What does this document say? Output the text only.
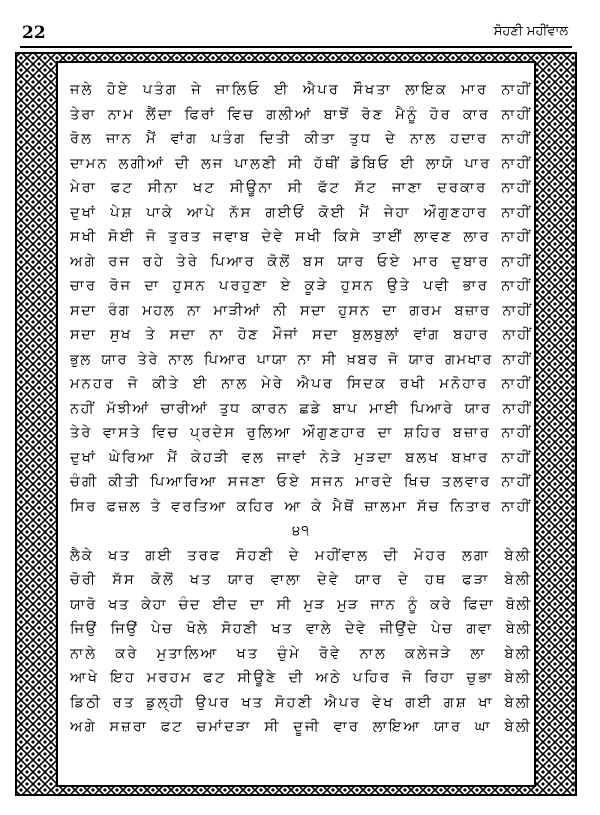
22	ਸੋਹਣੀ ਮਹੀਂਵਾਲ
ਜਲੇ ਹੋਏ ਪਤੰਗ ਜੇ ਜਾਲਿਓ ਈ ਐਪਰ ਸੌਖਤਾ ਲਾਇਕ ਮਾਰ ਨਾਹੀਂ
ਤੇਰਾ ਨਾਮ ਲੈਂਦਾ ਫਿਰਾਂ ਵਿਚ ਗਲੀਆਂ ਬਾਝੋਂ ਰੋਣ ਮੈਨੂੰ ਹੋਰ ਕਾਰ ਨਾਹੀਂ
ਰੋਲ ਜਾਨ ਮੈਂ ਵਾਂਗ ਪਤੰਗ ਦਿਤੀ ਕੀਤਾ ਤੁਧ ਦੇ ਨਾਲ ਹਦਾਰ ਨਾਹੀਂ
ਦਾਮਨ ਲਗੀਆਂ ਦੀ ਲਜ ਪਾਲਣੀ ਸੀ ਹੱਥੀਂ ਡੋਬਿਓ ਈ ਲਾਯੋ ਪਾਰ ਨਾਹੀਂ
ਮੇਰਾ ਫਟ ਸੀਨਾ ਖਟ ਸੀਊਨਾ ਸੀ ਫੱਟ ਸੱਟ ਜਾਣਾ ਦਰਕਾਰ ਨਾਹੀਂ
ਦੁਖਾਂ ਪੇਸ਼ ਪਾਕੇ ਆਪੇ ਨੱਸ ਗਈਓਂ ਕੋਈ ਮੈਂ ਜੇਹਾ ਔਗੁਣਹਾਰ ਨਾਹੀਂ
ਸਖੀ ਸੋਈ ਜੋ ਤੁਰਤ ਜਵਾਬ ਦੇਵੇ ਸਖੀ ਕਿਸੇ ਤਾਈਂ ਲਾਵਣ ਲਾਰ ਨਾਹੀਂ
ਅਗੇ ਰਜ ਰਹੇ ਤੇਰੇ ਪਿਆਰ ਕੋਲੋਂ ਬਸ ਯਾਰ ਓਏ ਮਾਰ ਦੁਬਾਰ ਨਾਹੀਂ
ਚਾਰ ਰੋਜ ਦਾ ਹੁਸਨ ਪਰਹੁਣਾ ਏ ਕੂੜੇ ਹੁਸਨ ਉਤੇ ਪਵੀ ਭਾਰ ਨਾਹੀਂ
ਸਦਾ ਰੰਗ ਮਹਲ ਨਾ ਮਾੜੀਆਂ ਨੀ ਸਦਾ ਹੁਸਨ ਦਾ ਗਰਮ ਬਜ਼ਾਰ ਨਾਹੀਂ
ਸਦਾ ਸੁਖ ਤੇ ਸਦਾ ਨਾ ਹੋਣ ਮੌਜਾਂ ਸਦਾ ਬੁਲਬੁਲਾਂ ਵਾਂਗ ਬਹਾਰ ਨਾਹੀਂ
ਭੁਲ ਯਾਰ ਤੇਰੇ ਨਾਲ ਪਿਆਰ ਪਾਯਾ ਨਾ ਸੀ ਖ਼ਬਰ ਜੋ ਯਾਰ ਗਮਖਾਰ ਨਾਹੀਂ
ਮਨਹਰ ਜੋ ਕੀਤੇ ਈ ਨਾਲ ਮੇਰੇ ਐਪਰ ਸਿਦਕ ਰਖੀ ਮਨੋਹਾਰ ਨਾਹੀਂ
ਨਹੀਂ ਮੱਝੀਆਂ ਚਾਰੀਆਂ ਤੁਧ ਕਾਰਨ ਛਡੇ ਬਾਪ ਮਾਈ ਪਿਆਰੇ ਯਾਰ ਨਾਹੀਂ
ਤੇਰੇ ਵਾਸਤੇ ਵਿਚ ਪ੍ਰਦੇਸ ਰੁਲਿਆ ਔਗੁਣਹਾਰ ਦਾ ਸ਼ਹਿਰ ਬਜ਼ਾਰ ਨਾਹੀਂ
ਦੁਖਾਂ ਘੇਰਿਆ ਮੈਂ ਕੇਹੜੀ ਵਲ ਜਾਵਾਂ ਨੇੜੇ ਮੁੜਦਾ ਬਲਖ ਬਖ਼ਾਰ ਨਾਹੀਂ
ਚੰਗੀ ਕੀਤੀ ਪਿਆਰਿਆ ਸਜਣਾ ਓਏ ਸਜਨ ਮਾਰਦੇ ਖਿਚ ਤਲਵਾਰ ਨਾਹੀਂ
ਸਿਰ ਫਜ਼ਲ ਤੇ ਵਰਤਿਆ ਕਹਿਰ ਆ ਕੇ ਮੈਥੋਂ ਜ਼ਾਲਮਾ ਸੱਚ ਨਿਤਾਰ ਨਾਹੀਂ
੪੧
ਲੈਕੇ ਖਤ ਗਈ ਤਰਫ ਸੋਹਣੀ ਦੇ ਮਹੀਂਵਾਲ ਦੀ ਮੋਹਰ ਲਗਾ ਬੇਲੀ
ਚੋਰੀ ਸੱਸ ਕੋਲੋਂ ਖਤ ਯਾਰ ਵਾਲਾ ਦੇਵੇ ਯਾਰ ਦੇ ਹਥ ਫੜਾ ਬੇਲੀ
ਯਾਰੋ ਖਤ ਕੇਹਾ ਚੰਦ ਈਦ ਦਾ ਸੀ ਮੁੜ ਮੁੜ ਜਾਨ ਨੂੰ ਕਰੇ ਫਿਦਾ ਬੋਲੀ
ਜਿਉਂ ਜਿਉਂ ਪੇਚ ਖੋਲੇ ਸੋਹਣੀ ਖਤ ਵਾਲੇ ਦੇਵੇ ਜੀਉਂਦੇ ਪੇਚ ਗਵਾ ਬੇਲੀ
ਨਾਲੇ ਕਰੇ ਮੁਤਾਲਿਆ ਖਤ ਚੁੰਮੇ ਰੋਵੇ ਨਾਲ ਕਲੇਜੜੇ ਲਾ ਬੇਲੀ
ਆਖੇ ਇਹ ਮਰਹਮ ਫਟ ਸੀਊਣੇ ਦੀ ਅਠੇ ਪਹਿਰ ਜੋ ਰਿਹਾ ਚੁਭਾ ਬੇਲੀ
ਡਿਠੀ ਰਤ ਡੁਲ੍ਹੀ ਉਪਰ ਖਤ ਸੋਹਣੀ ਐਪਰ ਵੇਖ ਗਈ ਗਸ਼ ਖਾ ਬੇਲੀ
ਅਗੇ ਸਜ਼ਰਾ ਫਟ ਚਮਾਂਦੜਾ ਸੀ ਦੂਜੀ ਵਾਰ ਲਾਇਆ ਯਾਰ ਘਾ ਬੇਲੀ
